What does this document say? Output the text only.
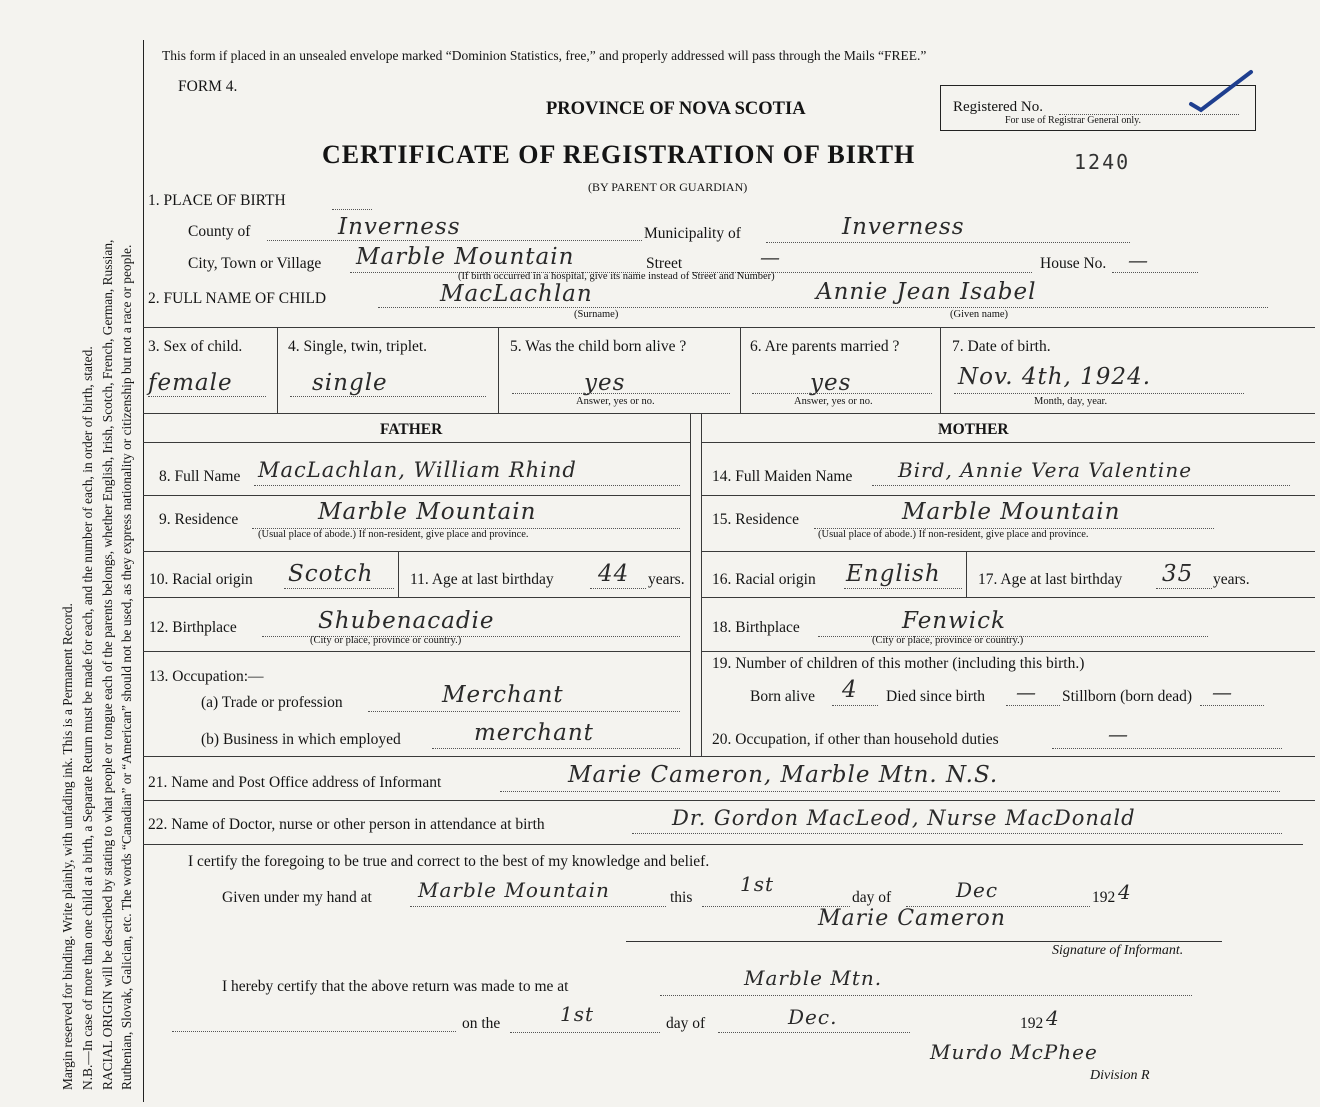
Margin reserved for binding. Write plainly, with unfading ink. This is a Permanent Record. N.B.—In case of more than one child at a birth, a Separate Return must be made for each, and the number of each, in order of birth, stated. RACIAL ORIGIN will be described by stating to what people or tongue each of the parents belongs, whether English, Irish, Scotch, French, German, Russian, Ruthenian, Slovak, Galician, etc. The words “Canadian” or “American” should not be used, as they express nationality or citizenship but not a race or people.
This form if placed in an unsealed envelope marked “Dominion Statistics, free,” and properly addressed will pass through the Mails “FREE.”
FORM 4.
PROVINCE OF NOVA SCOTIA
CERTIFICATE OF REGISTRATION OF BIRTH	1240
(BY PARENT OR GUARDIAN)
Registered No.
For use of Registrar General only.
1. PLACE OF BIRTH
County of	Inverness	Municipality of	Inverness
City, Town or Village Marble Mountain	Street	—	House No. —
(If birth occurred in a hospital, give its name instead of Street and Number)
2. FULL NAME OF CHILD	MacLachlan	Annie Jean Isabel
(Surname)	(Given name)
3. Sex of child.
female
4. Single, twin, triplet.
single
5. Was the child born alive ?
yes
Answer, yes or no.
6. Are parents married ?
yes
Answer, yes or no.
7. Date of birth.
Nov. 4th, 1924.
Month, day, year.
FATHER	MOTHER
8. Full Name MacLachlan, William Rhind
9. Residence	Marble Mountain
(Usual place of abode.) If non-resident, give place and province.
10. Racial origin Scotch 11. Age at last birthday 44 years.
12. Birthplace	Shubenacadie
(City or place, province or country.)
13. Occupation:—
(a) Trade or profession	Merchant
(b) Business in which employed	merchant
14. Full Maiden Name Bird, Annie Vera Valentine
15. Residence	Marble Mountain
(Usual place of abode.) If non-resident, give place and province.
16. Racial origin English 17. Age at last birthday 35 years.
18. Birthplace	Fenwick
(City or place, province or country.)
19. Number of children of this mother (including this birth.)
Born alive 4 Died since birth — Stillborn (born dead) —
20. Occupation, if other than household duties	—
21. Name and Post Office address of Informant	Marie Cameron, Marble Mtn. N.S.
22. Name of Doctor, nurse or other person in attendance at birth	Dr. Gordon MacLeod, Nurse MacDonald
I certify the foregoing to be true and correct to the best of my knowledge and belief.
Given under my hand at Marble Mountain	this
1st
day of	Dec	192 4
Marie Cameron
Signature of Informant.
I hereby certify that the above return was made to me at	Marble Mtn.
on the	1st	day of	Dec.	192 4
Murdo McPhee
Division R
